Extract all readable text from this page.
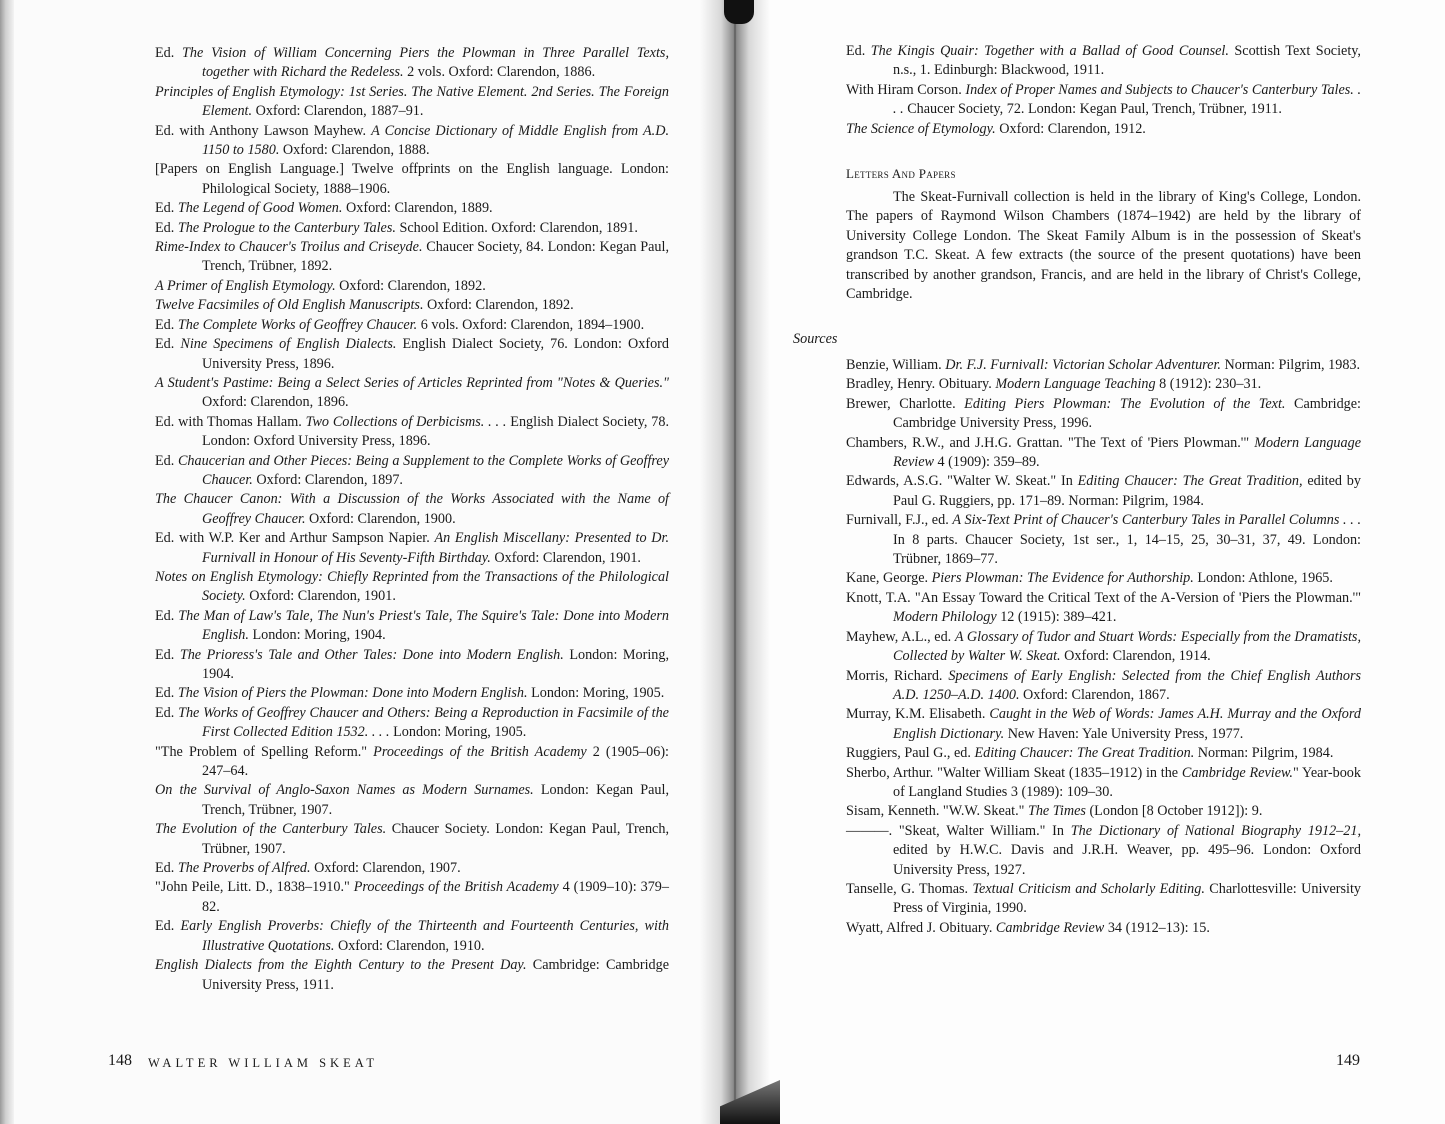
Ed. The Vision of William Concerning Piers the Plowman in Three Parallel Texts, together with Richard the Redeless. 2 vols. Oxford: Clarendon, 1886.
Principles of English Etymology: 1st Series. The Native Element. 2nd Series. The Foreign Element. Oxford: Clarendon, 1887–91.
Ed. with Anthony Lawson Mayhew. A Concise Dictionary of Middle English from A.D. 1150 to 1580. Oxford: Clarendon, 1888.
[Papers on English Language.] Twelve offprints on the English language. London: Philological Society, 1888–1906.
Ed. The Legend of Good Women. Oxford: Clarendon, 1889.
Ed. The Prologue to the Canterbury Tales. School Edition. Oxford: Clarendon, 1891.
Rime-Index to Chaucer's Troilus and Criseyde. Chaucer Society, 84. London: Kegan Paul, Trench, Trübner, 1892.
A Primer of English Etymology. Oxford: Clarendon, 1892.
Twelve Facsimiles of Old English Manuscripts. Oxford: Clarendon, 1892.
Ed. The Complete Works of Geoffrey Chaucer. 6 vols. Oxford: Clarendon, 1894–1900.
Ed. Nine Specimens of English Dialects. English Dialect Society, 76. London: Oxford University Press, 1896.
A Student's Pastime: Being a Select Series of Articles Reprinted from "Notes & Queries." Oxford: Clarendon, 1896.
Ed. with Thomas Hallam. Two Collections of Derbicisms. . . . English Dialect Society, 78. London: Oxford University Press, 1896.
Ed. Chaucerian and Other Pieces: Being a Supplement to the Complete Works of Geoffrey Chaucer. Oxford: Clarendon, 1897.
The Chaucer Canon: With a Discussion of the Works Associated with the Name of Geoffrey Chaucer. Oxford: Clarendon, 1900.
Ed. with W.P. Ker and Arthur Sampson Napier. An English Miscellany: Presented to Dr. Furnivall in Honour of His Seventy-Fifth Birthday. Oxford: Clarendon, 1901.
Notes on English Etymology: Chiefly Reprinted from the Transactions of the Philological Society. Oxford: Clarendon, 1901.
Ed. The Man of Law's Tale, The Nun's Priest's Tale, The Squire's Tale: Done into Modern English. London: Moring, 1904.
Ed. The Prioress's Tale and Other Tales: Done into Modern English. London: Moring, 1904.
Ed. The Vision of Piers the Plowman: Done into Modern English. London: Moring, 1905.
Ed. The Works of Geoffrey Chaucer and Others: Being a Reproduction in Facsimile of the First Collected Edition 1532. . . . London: Moring, 1905.
"The Problem of Spelling Reform." Proceedings of the British Academy 2 (1905–06): 247–64.
On the Survival of Anglo-Saxon Names as Modern Surnames. London: Kegan Paul, Trench, Trübner, 1907.
The Evolution of the Canterbury Tales. Chaucer Society. London: Kegan Paul, Trench, Trübner, 1907.
Ed. The Proverbs of Alfred. Oxford: Clarendon, 1907.
"John Peile, Litt. D., 1838–1910." Proceedings of the British Academy 4 (1909–10): 379–82.
Ed. Early English Proverbs: Chiefly of the Thirteenth and Fourteenth Centuries, with Illustrative Quotations. Oxford: Clarendon, 1910.
English Dialects from the Eighth Century to the Present Day. Cambridge: Cambridge University Press, 1911.
148 WALTER WILLIAM SKEAT
Ed. The Kingis Quair: Together with a Ballad of Good Counsel. Scottish Text Society, n.s., 1. Edinburgh: Blackwood, 1911.
With Hiram Corson. Index of Proper Names and Subjects to Chaucer's Canterbury Tales. . . . Chaucer Society, 72. London: Kegan Paul, Trench, Trübner, 1911.
The Science of Etymology. Oxford: Clarendon, 1912.
Letters And Papers

The Skeat-Furnivall collection is held in the library of King's College, London. The papers of Raymond Wilson Chambers (1874–1942) are held by the library of University College London. The Skeat Family Album is in the possession of Skeat's grandson T.C. Skeat. A few extracts (the source of the present quotations) have been transcribed by another grandson, Francis, and are held in the library of Christ's College, Cambridge.

Sources
Benzie, William. Dr. F.J. Furnivall: Victorian Scholar Adventurer. Norman: Pilgrim, 1983.
Bradley, Henry. Obituary. Modern Language Teaching 8 (1912): 230–31.
Brewer, Charlotte. Editing Piers Plowman: The Evolution of the Text. Cambridge: Cambridge University Press, 1996.
Chambers, R.W., and J.H.G. Grattan. "The Text of 'Piers Plowman.'" Modern Language Review 4 (1909): 359–89.
Edwards, A.S.G. "Walter W. Skeat." In Editing Chaucer: The Great Tradition, edited by Paul G. Ruggiers, pp. 171–89. Norman: Pilgrim, 1984.
Furnivall, F.J., ed. A Six-Text Print of Chaucer's Canterbury Tales in Parallel Columns . . . In 8 parts. Chaucer Society, 1st ser., 1, 14–15, 25, 30–31, 37, 49. London: Trübner, 1869–77.
Kane, George. Piers Plowman: The Evidence for Authorship. London: Athlone, 1965.
Knott, T.A. "An Essay Toward the Critical Text of the A-Version of 'Piers the Plowman.'" Modern Philology 12 (1915): 389–421.
Mayhew, A.L., ed. A Glossary of Tudor and Stuart Words: Especially from the Dramatists, Collected by Walter W. Skeat. Oxford: Clarendon, 1914.
Morris, Richard. Specimens of Early English: Selected from the Chief English Authors A.D. 1250–A.D. 1400. Oxford: Clarendon, 1867.
Murray, K.M. Elisabeth. Caught in the Web of Words: James A.H. Murray and the Oxford English Dictionary. New Haven: Yale University Press, 1977.
Ruggiers, Paul G., ed. Editing Chaucer: The Great Tradition. Norman: Pilgrim, 1984.
Sherbo, Arthur. "Walter William Skeat (1835–1912) in the Cambridge Review." Year-book of Langland Studies 3 (1989): 109–30.
Sisam, Kenneth. "W.W. Skeat." The Times (London [8 October 1912]): 9.
———. "Skeat, Walter William." In The Dictionary of National Biography 1912–21, edited by H.W.C. Davis and J.R.H. Weaver, pp. 495–96. London: Oxford University Press, 1927.
Tanselle, G. Thomas. Textual Criticism and Scholarly Editing. Charlottesville: University Press of Virginia, 1990.
Wyatt, Alfred J. Obituary. Cambridge Review 34 (1912–13): 15.
149
